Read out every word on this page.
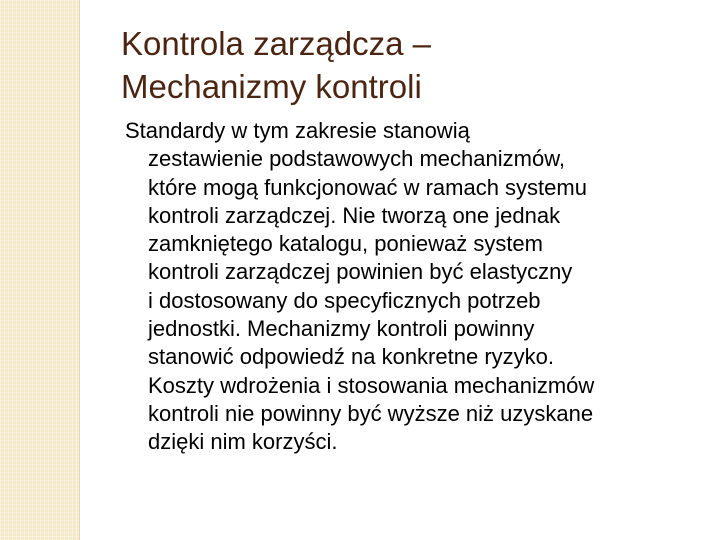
Kontrola zarządcza –
Mechanizmy kontroli
Standardy w tym zakresie stanowią
zestawienie podstawowych mechanizmów,
które mogą funkcjonować w ramach systemu
kontroli zarządczej. Nie tworzą one jednak
zamkniętego katalogu, ponieważ system
kontroli zarządczej powinien być elastyczny
i dostosowany do specyficznych potrzeb
jednostki. Mechanizmy kontroli powinny
stanowić odpowiedź na konkretne ryzyko.
Koszty wdrożenia i stosowania mechanizmów
kontroli nie powinny być wyższe niż uzyskane
dzięki nim korzyści.
